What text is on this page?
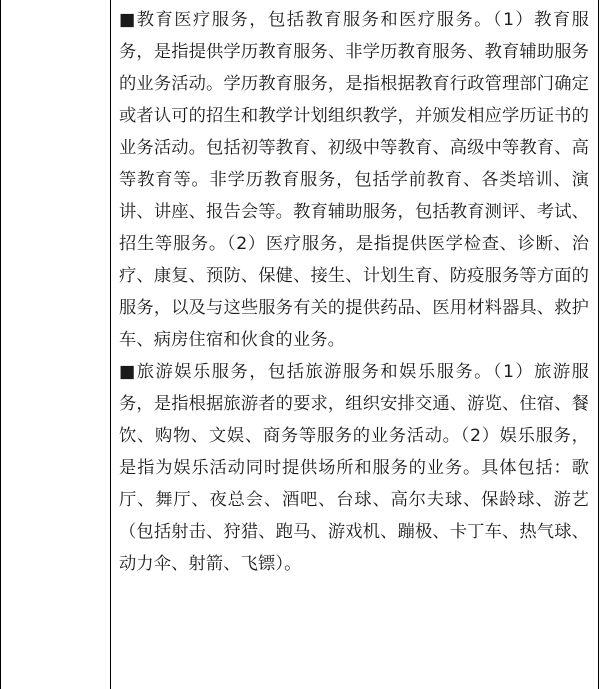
■教育医疗服务，包括教育服务和医疗服务。（1）教育服务，是指提供学历教育服务、非学历教育服务、教育辅助服务的业务活动。学历教育服务，是指根据教育行政管理部门确定或者认可的招生和教学计划组织教学，并颁发相应学历证书的业务活动。包括初等教育、初级中等教育、高级中等教育、高等教育等。非学历教育服务，包括学前教育、各类培训、演讲、讲座、报告会等。教育辅助服务，包括教育测评、考试、招生等服务。（2）医疗服务，是指提供医学检查、诊断、治疗、康复、预防、保健、接生、计划生育、防疫服务等方面的服务，以及与这些服务有关的提供药品、医用材料器具、救护车、病房住宿和伙食的业务。

■旅游娱乐服务，包括旅游服务和娱乐服务。（1）旅游服务，是指根据旅游者的要求，组织安排交通、游览、住宿、餐饮、购物、文娱、商务等服务的业务活动。（2）娱乐服务，是指为娱乐活动同时提供场所和服务的业务。具体包括：歌厅、舞厅、夜总会、酒吧、台球、高尔夫球、保龄球、游艺（包括射击、狩猎、跑马、游戏机、蹦极、卡丁车、热气球、动力伞、射箭、飞镖）。
